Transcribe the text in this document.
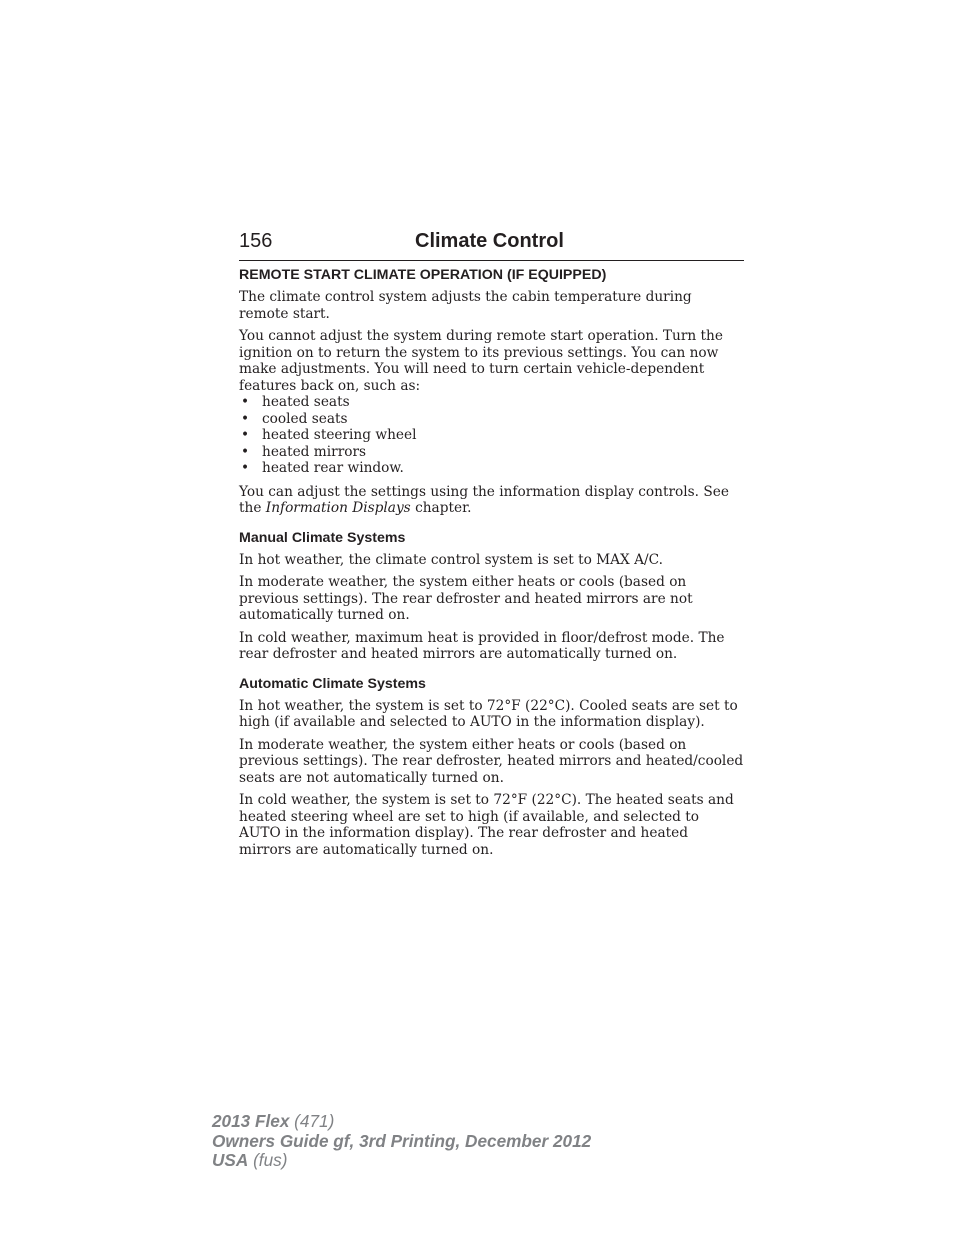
156	Climate Control
REMOTE START CLIMATE OPERATION (IF EQUIPPED)

The climate control system adjusts the cabin temperature during remote start.

You cannot adjust the system during remote start operation. Turn the ignition on to return the system to its previous settings. You can now make adjustments. You will need to turn certain vehicle-dependent features back on, such as:

• heated seats
• cooled seats
• heated steering wheel
• heated mirrors
• heated rear window.

You can adjust the settings using the information display controls. See the Information Displays chapter.

Manual Climate Systems

In hot weather, the climate control system is set to MAX A/C.

In moderate weather, the system either heats or cools (based on previous settings). The rear defroster and heated mirrors are not automatically turned on.

In cold weather, maximum heat is provided in floor/defrost mode. The rear defroster and heated mirrors are automatically turned on.

Automatic Climate Systems

In hot weather, the system is set to 72°F (22°C). Cooled seats are set to high (if available and selected to AUTO in the information display).

In moderate weather, the system either heats or cools (based on previous settings). The rear defroster, heated mirrors and heated/cooled seats are not automatically turned on.

In cold weather, the system is set to 72°F (22°C). The heated seats and heated steering wheel are set to high (if available, and selected to AUTO in the information display). The rear defroster and heated mirrors are automatically turned on.

2013 Flex (471)
Owners Guide gf, 3rd Printing, December 2012
USA (fus)
